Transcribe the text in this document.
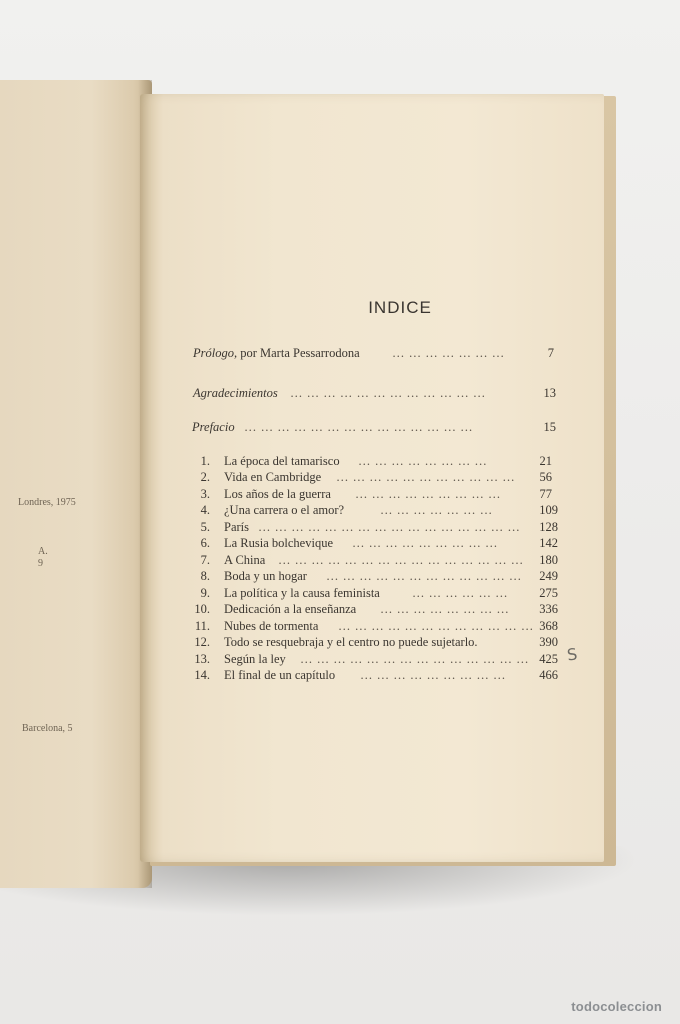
Londres, 1975
A.
9
Barcelona, 5
INDICE
Prólogo, por Marta Pessarrodona	… … … … … … …	7
Agradecimientos … … … … … … … … … … … …	13
Prefacio … … … … … … … … … … … … … …	15
1. La época del tamarisco … … … … … … … …	21
2. Vida en Cambridge … … … … … … … … … … …	56
3. Los años de la guerra … … … … … … … … …	77
4. ¿Una carrera o el amor?	… … … … … … …	109
5. París … … … … … … … … … … … … … … … …	128
6. La Rusia bolchevique … … … … … … … … …	142
7. A China … … … … … … … … … … … … … … …	180
8. Boda y un hogar … … … … … … … … … … … …	249
9. La política y la causa feminista	… … … … … …	275
10. Dedicación a la enseñanza … … … … … … … …	336
11. Nubes de tormenta … … … … … … … … … … … … 368
12. Todo se resquebraja y el centro no puede sujetarlo.	390
13. Según la ley … … … … … … … … … … … … … … 425
14. El final de un capítulo … … … … … … … … …	466
S
todocoleccion
